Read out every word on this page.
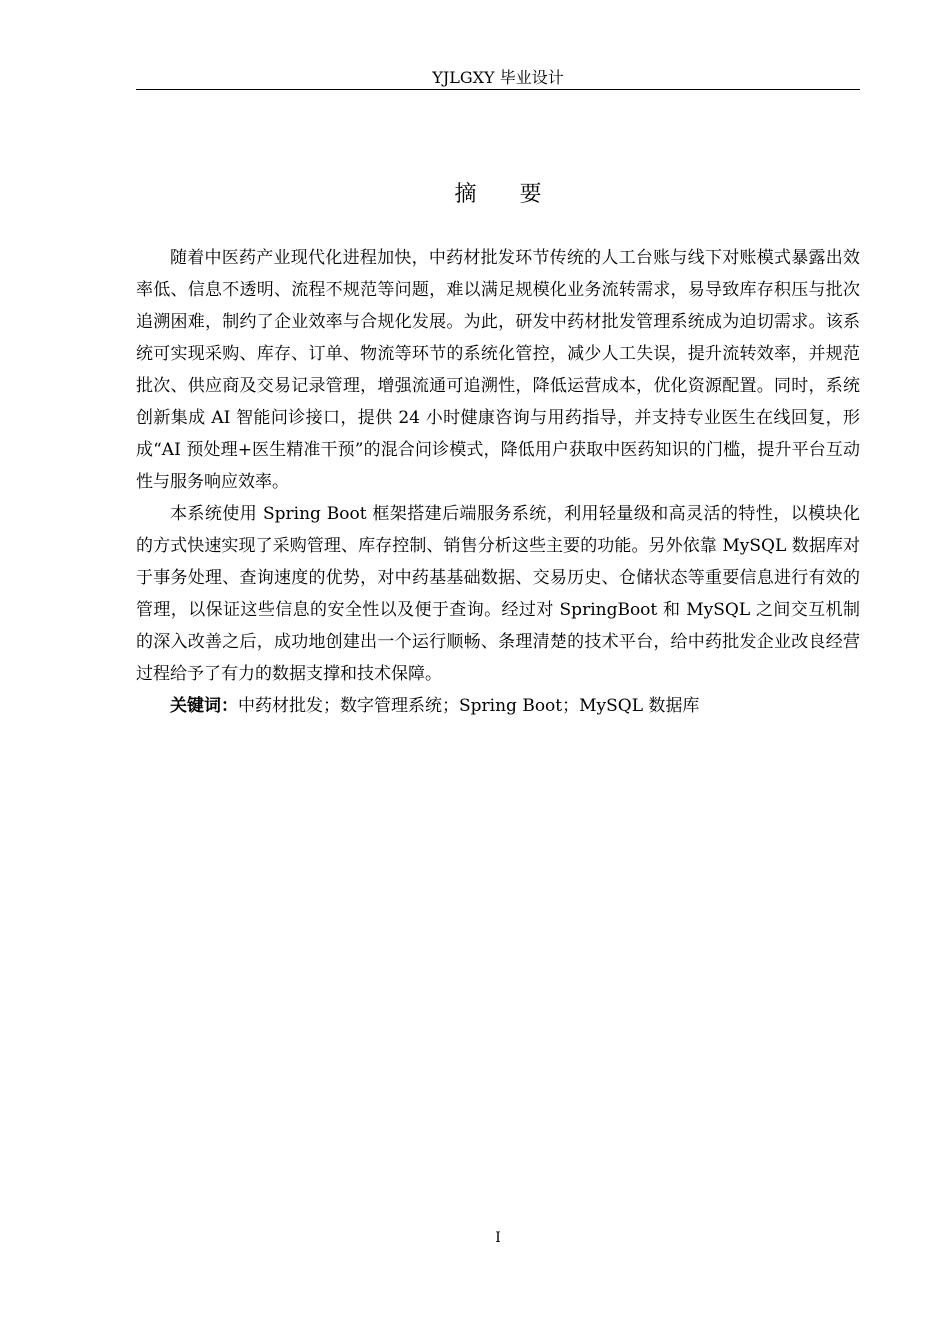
YJLGXY 毕业设计
摘 要

随着中医药产业现代化进程加快，中药材批发环节传统的人工台账与线下对账模式暴露出效率低、信息不透明、流程不规范等问题，难以满足规模化业务流转需求，易导致库存积压与批次追溯困难，制约了企业效率与合规化发展。为此，研发中药材批发管理系统成为迫切需求。该系统可实现采购、库存、订单、物流等环节的系统化管控，减少人工失误，提升流转效率，并规范批次、供应商及交易记录管理，增强流通可追溯性，降低运营成本，优化资源配置。同时，系统创新集成 AI 智能问诊接口，提供 24 小时健康咨询与用药指导，并支持专业医生在线回复，形成“AI 预处理+医生精准干预”的混合问诊模式，降低用户获取中医药知识的门槛，提升平台互动性与服务响应效率。

本系统使用 Spring Boot 框架搭建后端服务系统，利用轻量级和高灵活的特性，以模块化的方式快速实现了采购管理、库存控制、销售分析这些主要的功能。另外依靠 MySQL 数据库对于事务处理、查询速度的优势，对中药基基础数据、交易历史、仓储状态等重要信息进行有效的管理，以保证这些信息的安全性以及便于查询。经过对 SpringBoot 和 MySQL 之间交互机制的深入改善之后，成功地创建出一个运行顺畅、条理清楚的技术平台，给中药批发企业改良经营过程给予了有力的数据支撑和技术保障。

关键词：中药材批发；数字管理系统；Spring Boot；MySQL 数据库

I
